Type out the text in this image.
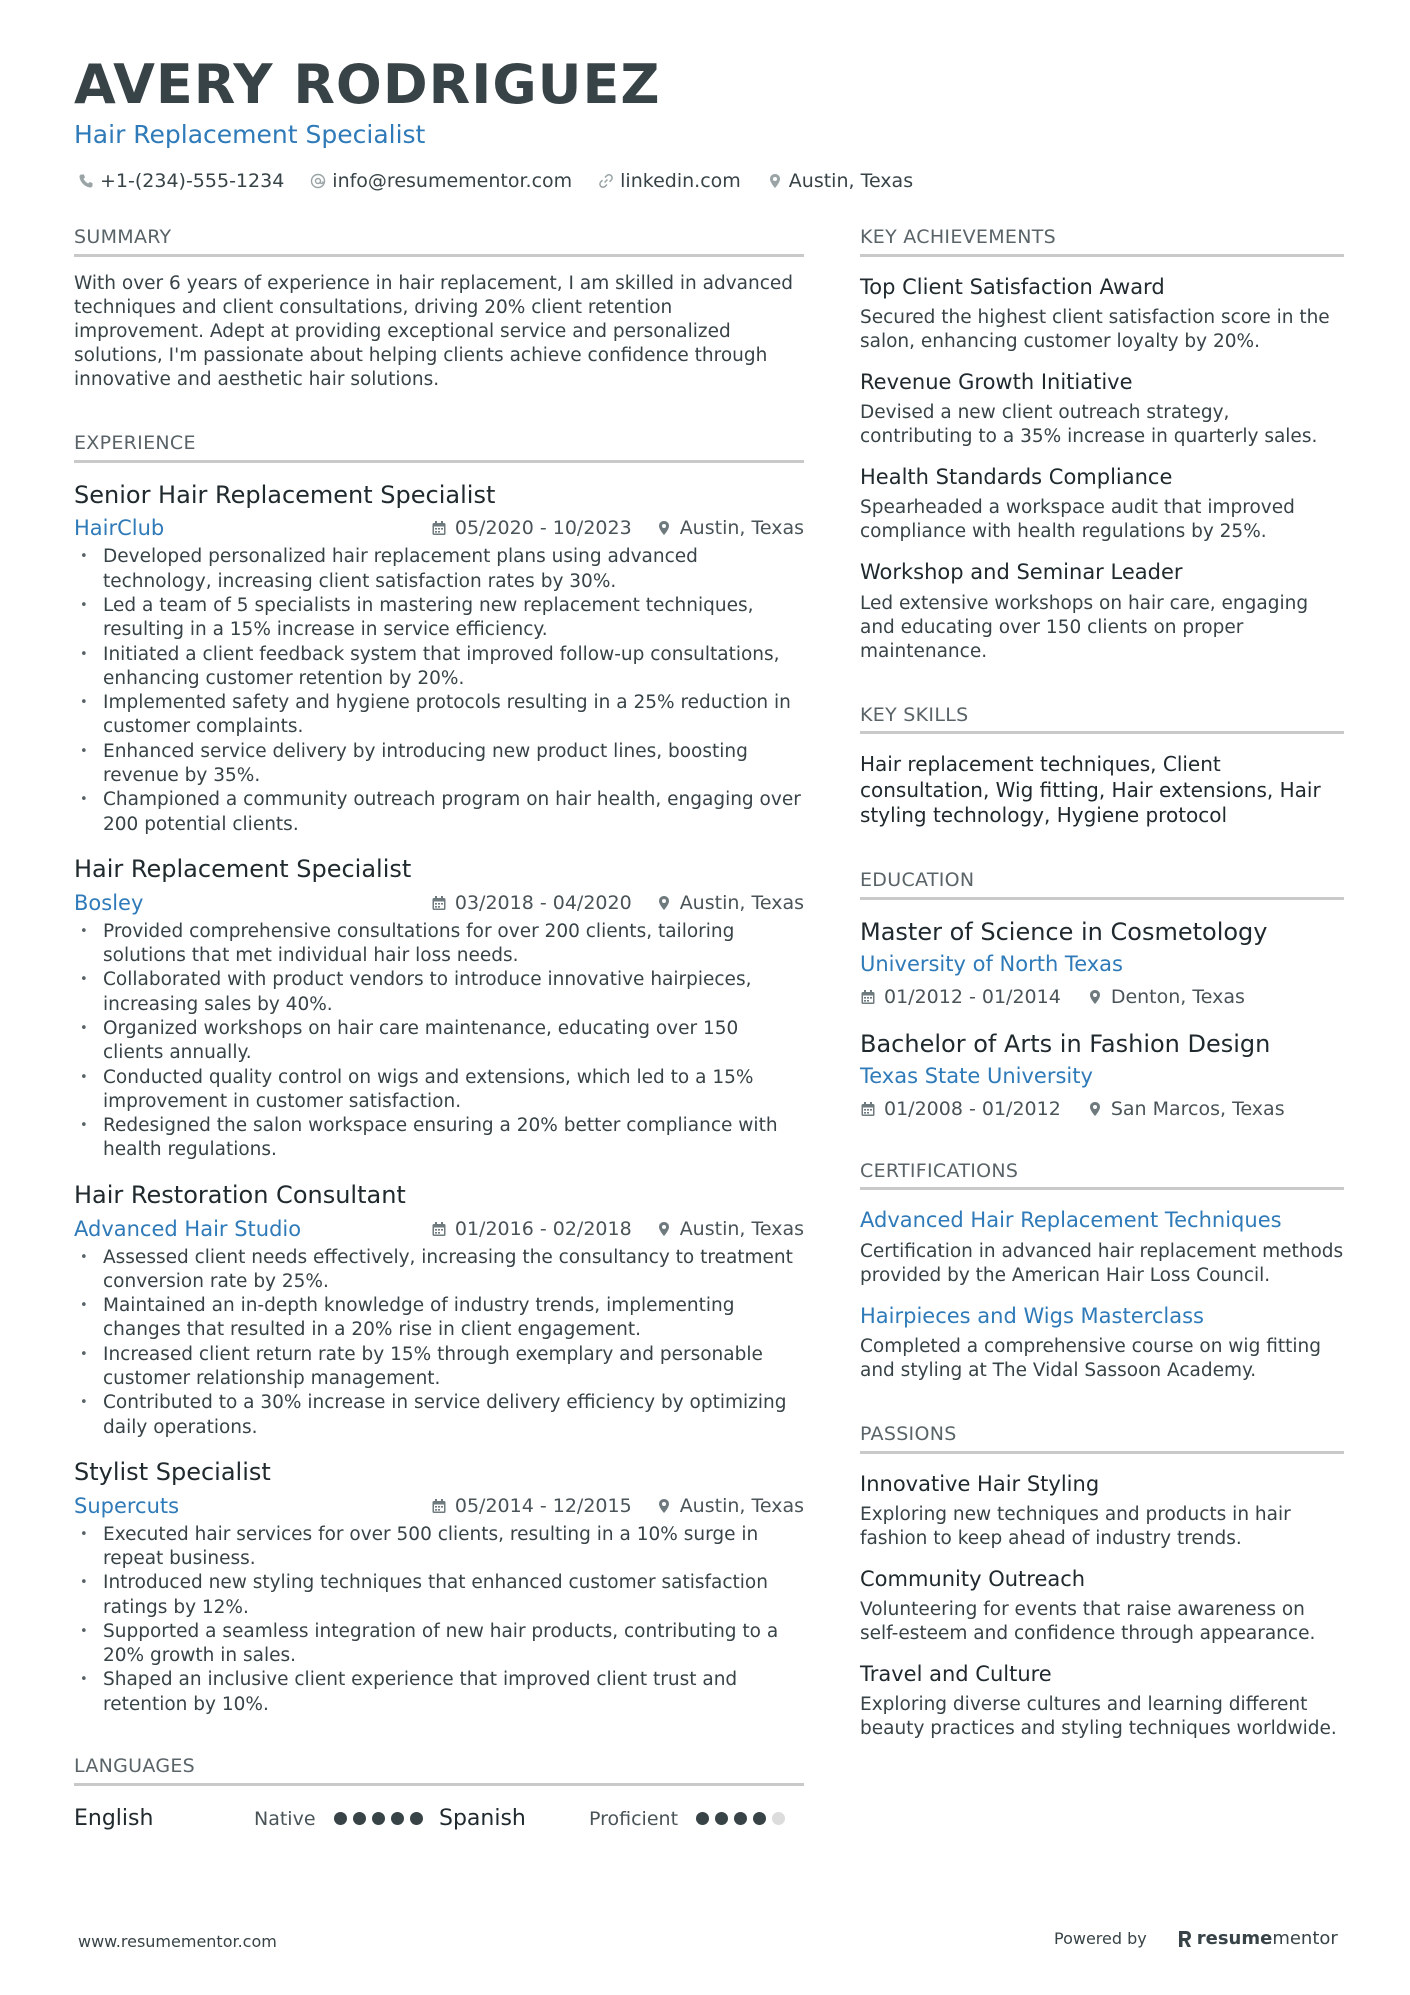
AVERY RODRIGUEZ
Hair Replacement Specialist
+1-(234)-555-1234	info@resumementor.com	linkedin.com	Austin, Texas
SUMMARY

With over 6 years of experience in hair replacement, I am skilled in advanced techniques and client consultations, driving 20% client retention improvement. Adept at providing exceptional service and personalized solutions, I'm passionate about helping clients achieve confidence through innovative and aesthetic hair solutions.

EXPERIENCE
Senior Hair Replacement Specialist
HairClub	05/2020 - 10/2023	Austin, Texas
• Developed personalized hair replacement plans using advanced technology, increasing client satisfaction rates by 30%.
• Led a team of 5 specialists in mastering new replacement techniques, resulting in a 15% increase in service efficiency.
• Initiated a client feedback system that improved follow-up consultations, enhancing customer retention by 20%.
• Implemented safety and hygiene protocols resulting in a 25% reduction in customer complaints.
• Enhanced service delivery by introducing new product lines, boosting revenue by 35%.
• Championed a community outreach program on hair health, engaging over 200 potential clients.
Hair Replacement Specialist
Bosley	03/2018 - 04/2020	Austin, Texas
• Provided comprehensive consultations for over 200 clients, tailoring solutions that met individual hair loss needs.
• Collaborated with product vendors to introduce innovative hairpieces, increasing sales by 40%.
• Organized workshops on hair care maintenance, educating over 150 clients annually.
• Conducted quality control on wigs and extensions, which led to a 15% improvement in customer satisfaction.
• Redesigned the salon workspace ensuring a 20% better compliance with health regulations.
Hair Restoration Consultant
Advanced Hair Studio	01/2016 - 02/2018	Austin, Texas
• Assessed client needs effectively, increasing the consultancy to treatment conversion rate by 25%.
• Maintained an in-depth knowledge of industry trends, implementing changes that resulted in a 20% rise in client engagement.
• Increased client return rate by 15% through exemplary and personable customer relationship management.
• Contributed to a 30% increase in service delivery efficiency by optimizing daily operations.
Stylist Specialist
Supercuts	05/2014 - 12/2015	Austin, Texas
• Executed hair services for over 500 clients, resulting in a 10% surge in repeat business.
• Introduced new styling techniques that enhanced customer satisfaction ratings by 12%.
• Supported a seamless integration of new hair products, contributing to a 20% growth in sales.
• Shaped an inclusive client experience that improved client trust and retention by 10%.
LANGUAGES
English	Native	Spanish	Proficient
KEY ACHIEVEMENTS
Top Client Satisfaction Award
Secured the highest client satisfaction score in the salon, enhancing customer loyalty by 20%.
Revenue Growth Initiative
Devised a new client outreach strategy, contributing to a 35% increase in quarterly sales.
Health Standards Compliance
Spearheaded a workspace audit that improved compliance with health regulations by 25%.
Workshop and Seminar Leader
Led extensive workshops on hair care, engaging and educating over 150 clients on proper maintenance.
KEY SKILLS

Hair replacement techniques, Client consultation, Wig fitting, Hair extensions, Hair styling technology, Hygiene protocol

EDUCATION
Master of Science in Cosmetology
University of North Texas
01/2012 - 01/2014	Denton, Texas
Bachelor of Arts in Fashion Design
Texas State University
01/2008 - 01/2012	San Marcos, Texas
CERTIFICATIONS
Advanced Hair Replacement Techniques
Certification in advanced hair replacement methods provided by the American Hair Loss Council.
Hairpieces and Wigs Masterclass
Completed a comprehensive course on wig fitting and styling at The Vidal Sassoon Academy.
PASSIONS
Innovative Hair Styling
Exploring new techniques and products in hair fashion to keep ahead of industry trends.
Community Outreach
Volunteering for events that raise awareness on self-esteem and confidence through appearance.
Travel and Culture
Exploring diverse cultures and learning different beauty practices and styling techniques worldwide.
www.resumementor.com	Powered by	resume mentor
